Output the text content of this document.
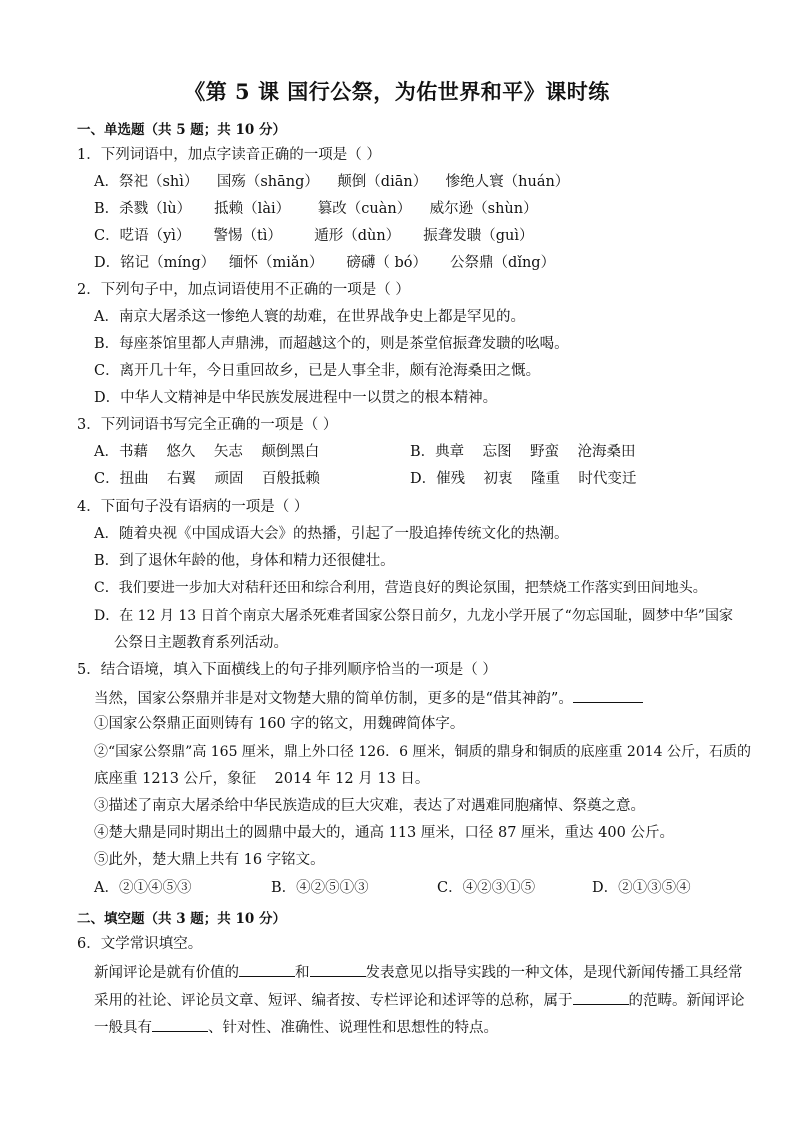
《第 5 课 国行公祭，为佑世界和平》课时练
一、单选题（共 5 题；共 10 分）
1．下列词语中，加点字读音正确的一项是（ ）
A．祭祀（shì）    国殇（shāng）    颠倒（diān）    惨绝人寰（huán）
B．杀戮（lù）     抵赖（lài）      篡改（cuàn）    威尔逊（shùn）
C．呓语（yì）     警惕（tì）       遁形（dùn）     振聋发聩（guì）
D．铭记（míng）   缅怀（miǎn）     磅礴（ bó）     公祭鼎（dǐng）
2．下列句子中，加点词语使用不正确的一项是（ ）
A．南京大屠杀这一惨绝人寰的劫难，在世界战争史上都是罕见的。
B．每座茶馆里都人声鼎沸，而超越这个的，则是茶堂倌振聋发聩的吆喝。
C．离开几十年，今日重回故乡，已是人事全非，颇有沧海桑田之慨。
D．中华人文精神是中华民族发展进程中一以贯之的根本精神。
3．下列词语书写完全正确的一项是（ ）
A．书藉    悠久    矢志    颠倒黑白	B．典章    忘图    野蛮    沧海桑田
C．扭曲    右翼    顽固    百般抵赖	D．催残    初衷    隆重    时代变迁
4．下面句子没有语病的一项是（ ）
A．随着央视《中国成语大会》的热播，引起了一股追捧传统文化的热潮。
B．到了退休年龄的他，身体和精力还很健壮。
C．我们要进一步加大对秸秆还田和综合利用，营造良好的舆论氛围，把禁烧工作落实到田间地头。
D．在 12 月 13 日首个南京大屠杀死难者国家公祭日前夕，九龙小学开展了“勿忘国耻，圆梦中华”国家
公祭日主题教育系列活动。
5．结合语境，填入下面横线上的句子排列顺序恰当的一项是（ ）
当然，国家公祭鼎并非是对文物楚大鼎的简单仿制，更多的是“借其神韵”。
①国家公祭鼎正面则铸有 160 字的铭文，用魏碑简体字。
②“国家公祭鼎”高 165 厘米，鼎上外口径 126．6 厘米，铜质的鼎身和铜质的底座重 2014 公斤，石质的
底座重 1213 公斤，象征    2014 年 12 月 13 日。
③描述了南京大屠杀给中华民族造成的巨大灾难，表达了对遇难同胞痛悼、祭奠之意。
④楚大鼎是同时期出土的圆鼎中最大的，通高 113 厘米，口径 87 厘米，重达 400 公斤。
⑤此外，楚大鼎上共有 16 字铭文。
A．②①④⑤③	B．④②⑤①③	C．④②③①⑤	D．②①③⑤④
二、填空题（共 3 题；共 10 分）
6．文学常识填空。
新闻评论是就有价值的	和	发表意见以指导实践的一种文体，是现代新闻传播工具经常
采用的社论、评论员文章、短评、编者按、专栏评论和述评等的总称，属于	的范畴。新闻评论
一般具有	、针对性、准确性、说理性和思想性的特点。
